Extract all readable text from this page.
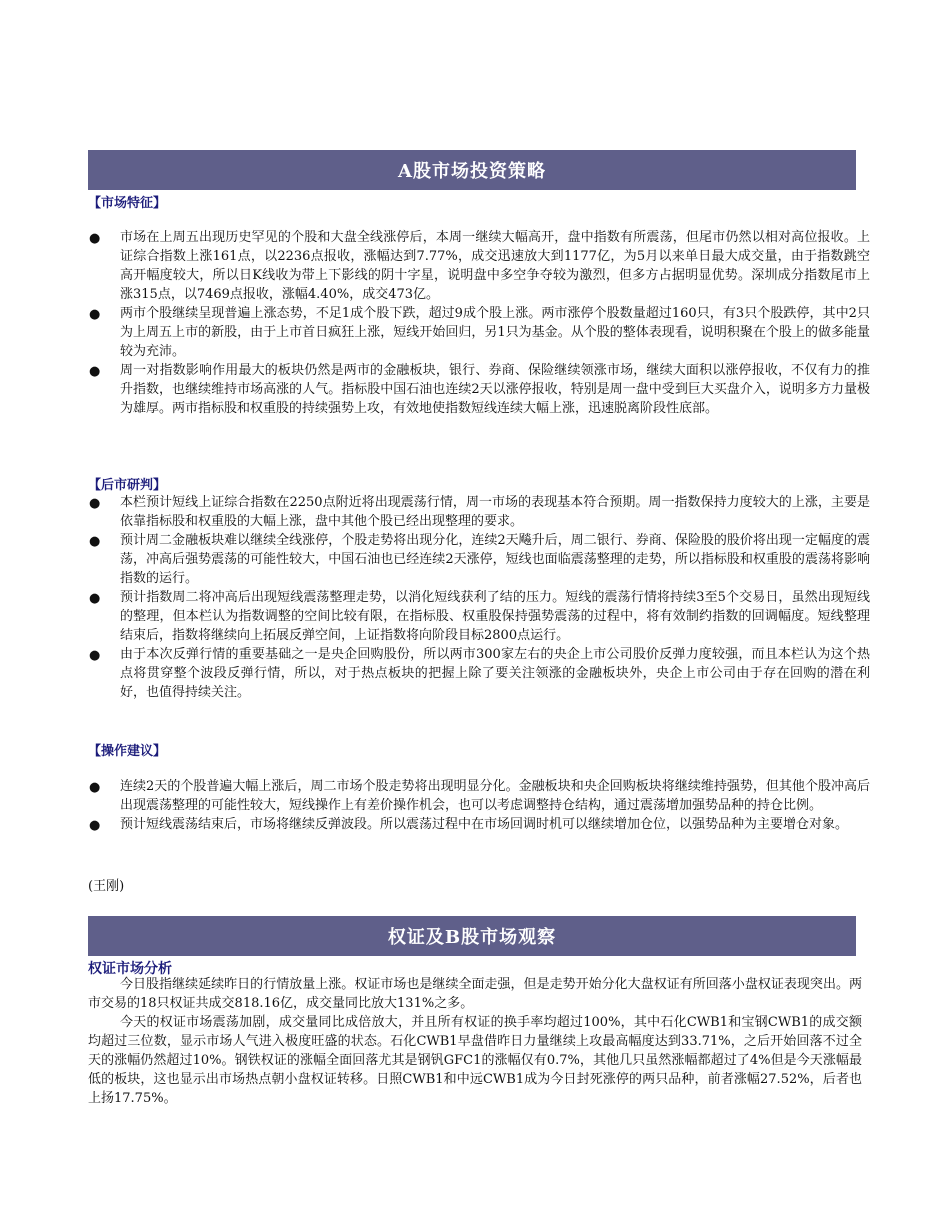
A股市场投资策略
【市场特征】
● 市场在上周五出现历史罕见的个股和大盘全线涨停后，本周一继续大幅高开，盘中指数有所震荡，但尾市仍然以相对高位报收。上证综合指数上涨161点，以2236点报收，涨幅达到7.77%，成交迅速放大到1177亿，为5月以来单日最大成交量，由于指数跳空高开幅度较大，所以日K线收为带上下影线的阴十字星，说明盘中多空争夺较为激烈，但多方占据明显优势。深圳成分指数尾市上涨315点，以7469点报收，涨幅4.40%，成交473亿。
● 两市个股继续呈现普遍上涨态势，不足1成个股下跌，超过9成个股上涨。两市涨停个股数量超过160只，有3只个股跌停，其中2只为上周五上市的新股，由于上市首日疯狂上涨，短线开始回归，另1只为基金。从个股的整体表现看，说明积聚在个股上的做多能量较为充沛。
● 周一对指数影响作用最大的板块仍然是两市的金融板块，银行、券商、保险继续领涨市场，继续大面积以涨停报收，不仅有力的推升指数，也继续维持市场高涨的人气。指标股中国石油也连续2天以涨停报收，特别是周一盘中受到巨大买盘介入，说明多方力量极为雄厚。两市指标股和权重股的持续强势上攻，有效地使指数短线连续大幅上涨，迅速脱离阶段性底部。
【后市研判】
● 本栏预计短线上证综合指数在2250点附近将出现震荡行情，周一市场的表现基本符合预期。周一指数保持力度较大的上涨，主要是依靠指标股和权重股的大幅上涨，盘中其他个股已经出现整理的要求。
● 预计周二金融板块难以继续全线涨停，个股走势将出现分化，连续2天飚升后，周二银行、券商、保险股的股价将出现一定幅度的震荡，冲高后强势震荡的可能性较大，中国石油也已经连续2天涨停，短线也面临震荡整理的走势，所以指标股和权重股的震荡将影响指数的运行。
● 预计指数周二将冲高后出现短线震荡整理走势，以消化短线获利了结的压力。短线的震荡行情将持续3至5个交易日，虽然出现短线的整理，但本栏认为指数调整的空间比较有限，在指标股、权重股保持强势震荡的过程中，将有效制约指数的回调幅度。短线整理结束后，指数将继续向上拓展反弹空间，上证指数将向阶段目标2800点运行。
● 由于本次反弹行情的重要基础之一是央企回购股份，所以两市300家左右的央企上市公司股价反弹力度较强，而且本栏认为这个热点将贯穿整个波段反弹行情，所以，对于热点板块的把握上除了要关注领涨的金融板块外，央企上市公司由于存在回购的潜在利好，也值得持续关注。
【操作建议】
● 连续2天的个股普遍大幅上涨后，周二市场个股走势将出现明显分化。金融板块和央企回购板块将继续维持强势，但其他个股冲高后出现震荡整理的可能性较大，短线操作上有差价操作机会，也可以考虑调整持仓结构，通过震荡增加强势品种的持仓比例。
● 预计短线震荡结束后，市场将继续反弹波段。所以震荡过程中在市场回调时机可以继续增加仓位，以强势品种为主要增仓对象。
(王刚)
权证及B股市场观察
权证市场分析

今日股指继续延续昨日的行情放量上涨。权证市场也是继续全面走强，但是走势开始分化大盘权证有所回落小盘权证表现突出。两市交易的18只权证共成交818.16亿，成交量同比放大131%之多。

今天的权证市场震荡加剧，成交量同比成倍放大，并且所有权证的换手率均超过100%，其中石化CWB1和宝钢CWB1的成交额均超过三位数，显示市场人气进入极度旺盛的状态。石化CWB1早盘借昨日力量继续上攻最高幅度达到33.71%，之后开始回落不过全天的涨幅仍然超过10%。钢铁权证的涨幅全面回落尤其是钢钒GFC1的涨幅仅有0.7%，其他几只虽然涨幅都超过了4%但是今天涨幅最低的板块，这也显示出市场热点朝小盘权证转移。日照CWB1和中远CWB1成为今日封死涨停的两只品种，前者涨幅27.52%，后者也上扬17.75%。
